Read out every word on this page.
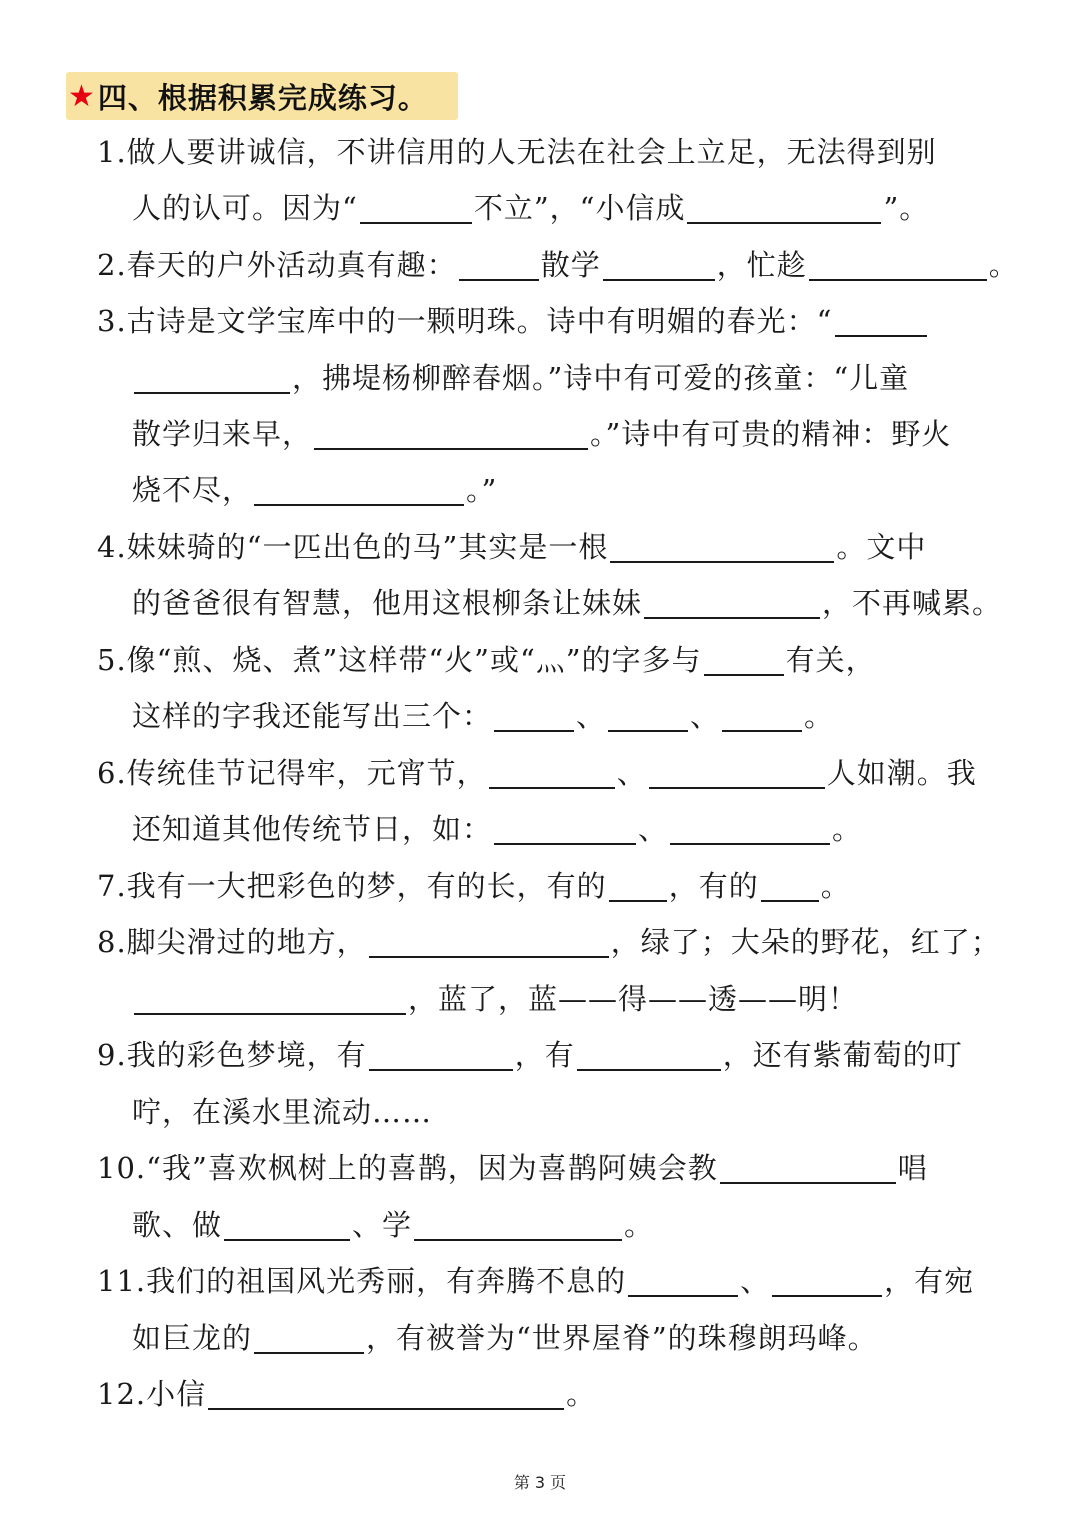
★ 四、根据积累完成练习。
1.做人要讲诚信，不讲信用的人无法在社会上立足，无法得到别
人的认可。因为“	不立”，“小信成	”。
2.春天的户外活动真有趣：	散学	，忙趁	。
3.古诗是文学宝库中的一颗明珠。诗中有明媚的春光：“
，拂堤杨柳醉春烟。”诗中有可爱的孩童：“儿童
散学归来早，	。”诗中有可贵的精神：野火
烧不尽，	。”
4.妹妹骑的“一匹出色的马”其实是一根	。文中
的爸爸很有智慧，他用这根柳条让妹妹	，不再喊累。
5.像“煎、烧、煮”这样带“火”或“灬”的字多与	有关，
这样的字我还能写出三个：	、	、	。
6.传统佳节记得牢，元宵节，	、	人如潮。我
还知道其他传统节日，如：	、	。
7.我有一大把彩色的梦，有的长，有的 ，有的 。
8.脚尖滑过的地方，	，绿了；大朵的野花，红了；
，蓝了，蓝——得——透——明！
9.我的彩色梦境，有	，有	，还有紫葡萄的叮
咛，在溪水里流动……
10.“我”喜欢枫树上的喜鹊，因为喜鹊阿姨会教	唱
歌、做	、学	。
11.我们的祖国风光秀丽，有奔腾不息的	、	，有宛
如巨龙的	，有被誉为“世界屋脊”的珠穆朗玛峰。
12.小信	。
第 3 页
